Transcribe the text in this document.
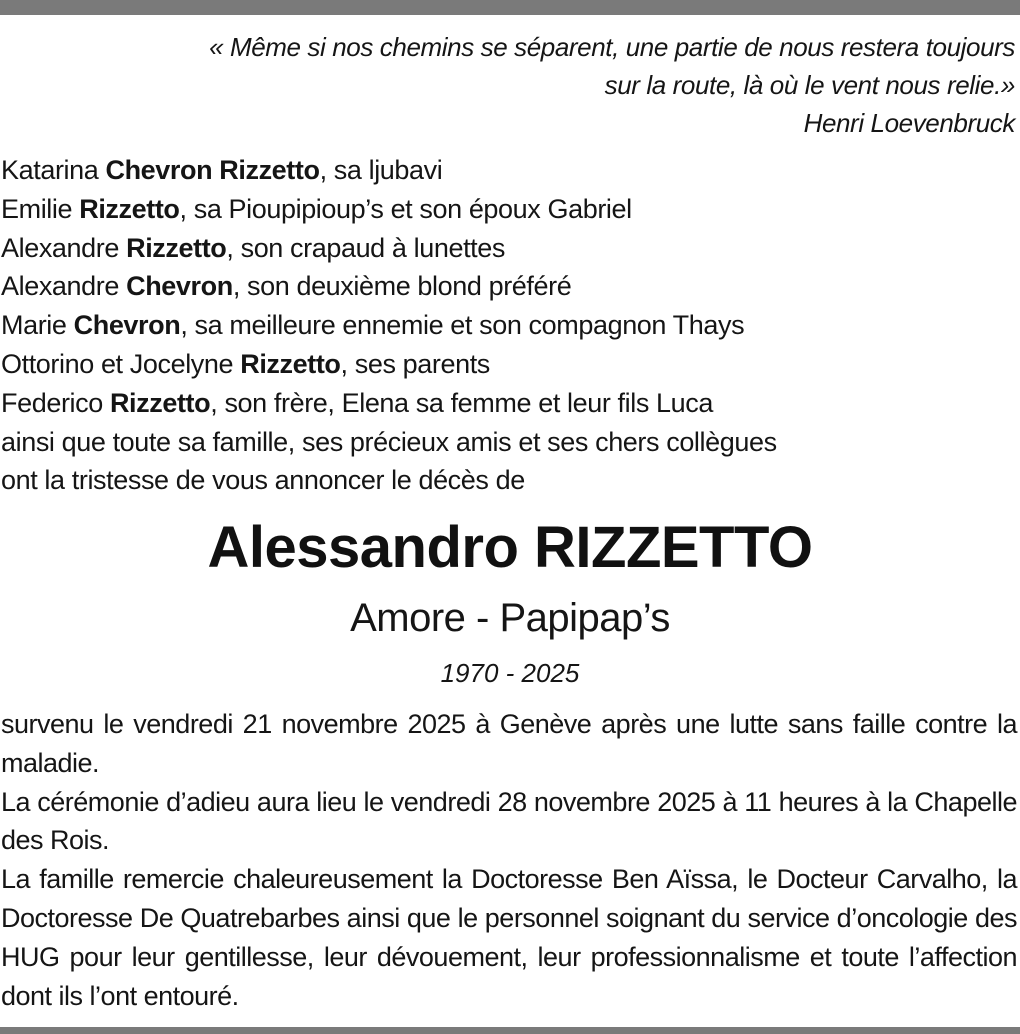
« Même si nos chemins se séparent, une partie de nous restera toujours
sur la route, là où le vent nous relie.»
Henri Loevenbruck
Katarina Chevron Rizzetto, sa ljubavi
Emilie Rizzetto, sa Pioupipioup’s et son époux Gabriel
Alexandre Rizzetto, son crapaud à lunettes
Alexandre Chevron, son deuxième blond préféré
Marie Chevron, sa meilleure ennemie et son compagnon Thays
Ottorino et Jocelyne Rizzetto, ses parents
Federico Rizzetto, son frère, Elena sa femme et leur fils Luca
ainsi que toute sa famille, ses précieux amis et ses chers collègues
ont la tristesse de vous annoncer le décès de
Alessandro RIZZETTO
Amore - Papipap’s
1970 - 2025

survenu le vendredi 21 novembre 2025 à Genève après une lutte sans faille contre la maladie.

La cérémonie d’adieu aura lieu le vendredi 28 novembre 2025 à 11 heures à la Chapelle des Rois.

La famille remercie chaleureusement la Doctoresse Ben Aïssa, le Docteur Carvalho, la Doctoresse De Quatrebarbes ainsi que le personnel soignant du service d’oncologie des HUG pour leur gentillesse, leur dévouement, leur professionnalisme et toute l’affection dont ils l’ont entouré.
